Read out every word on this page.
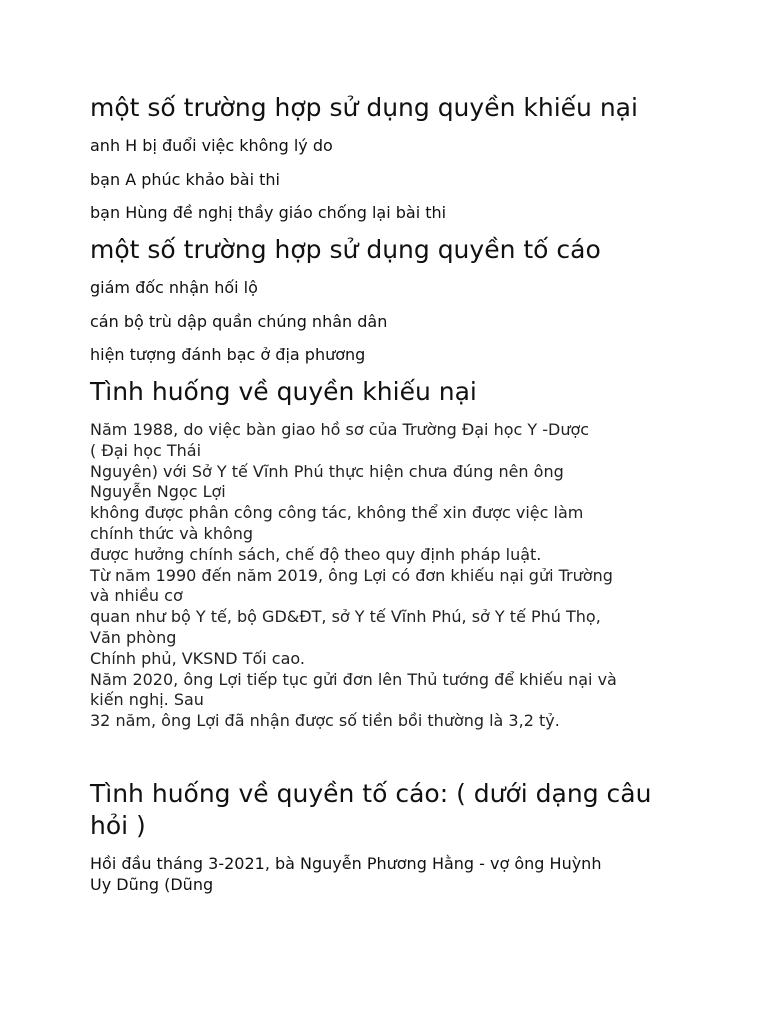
một số trường hợp sử dụng quyền khiếu nại

anh H bị đuổi việc không lý do

bạn A phúc khảo bài thi

bạn Hùng đề nghị thầy giáo chống lại bài thi

một số trường hợp sử dụng quyền tố cáo

giám đốc nhận hối lộ

cán bộ trù dập quần chúng nhân dân

hiện tượng đánh bạc ở địa phương

Tình huống về quyền khiếu nại
Năm 1988, do việc bàn giao hồ sơ của Trường Đại học Y -Dược
( Đại học Thái
Nguyên) với Sở Y tế Vĩnh Phú thực hiện chưa đúng nên ông
Nguyễn Ngọc Lợi
không được phân công công tác, không thể xin được việc làm
chính thức và không
được hưởng chính sách, chế độ theo quy định pháp luật.
Từ năm 1990 đến năm 2019, ông Lợi có đơn khiếu nại gửi Trường
và nhiều cơ
quan như bộ Y tế, bộ GD&ĐT, sở Y tế Vĩnh Phú, sở Y tế Phú Thọ,
Văn phòng
Chính phủ, VKSND Tối cao.
Năm 2020, ông Lợi tiếp tục gửi đơn lên Thủ tướng để khiếu nại và
kiến nghị. Sau
32 năm, ông Lợi đã nhận được số tiền bồi thường là 3,2 tỷ.
Tình huống về quyền tố cáo: ( dưới dạng câu
hỏi )
Hồi đầu tháng 3-2021, bà Nguyễn Phương Hằng - vợ ông Huỳnh
Uy Dũng (Dũng
